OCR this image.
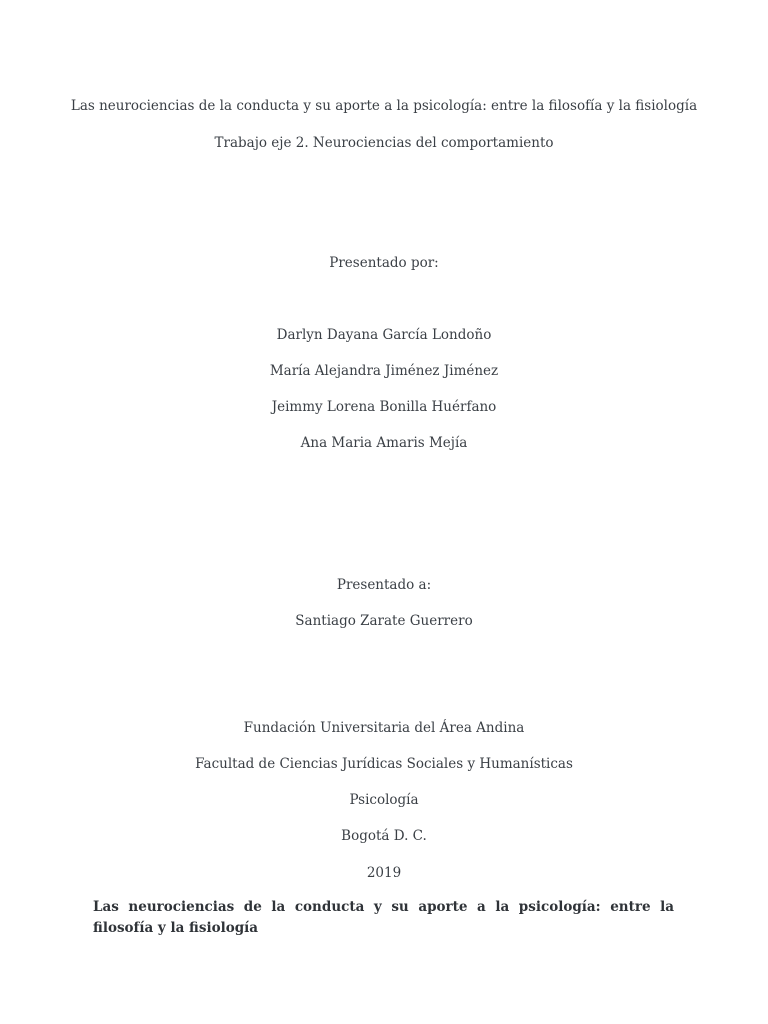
Las neurociencias de la conducta y su aporte a la psicología: entre la filosofía y la fisiología
Trabajo eje 2. Neurociencias del comportamiento
Presentado por:
Darlyn Dayana García Londoño
María Alejandra Jiménez Jiménez
Jeimmy Lorena Bonilla Huérfano
Ana Maria Amaris Mejía
Presentado a:
Santiago Zarate Guerrero
Fundación Universitaria del Área Andina
Facultad de Ciencias Jurídicas Sociales y Humanísticas
Psicología
Bogotá D. C.
2019
Las neurociencias de la conducta y su aporte a la psicología: entre la filosofía y la fisiología
